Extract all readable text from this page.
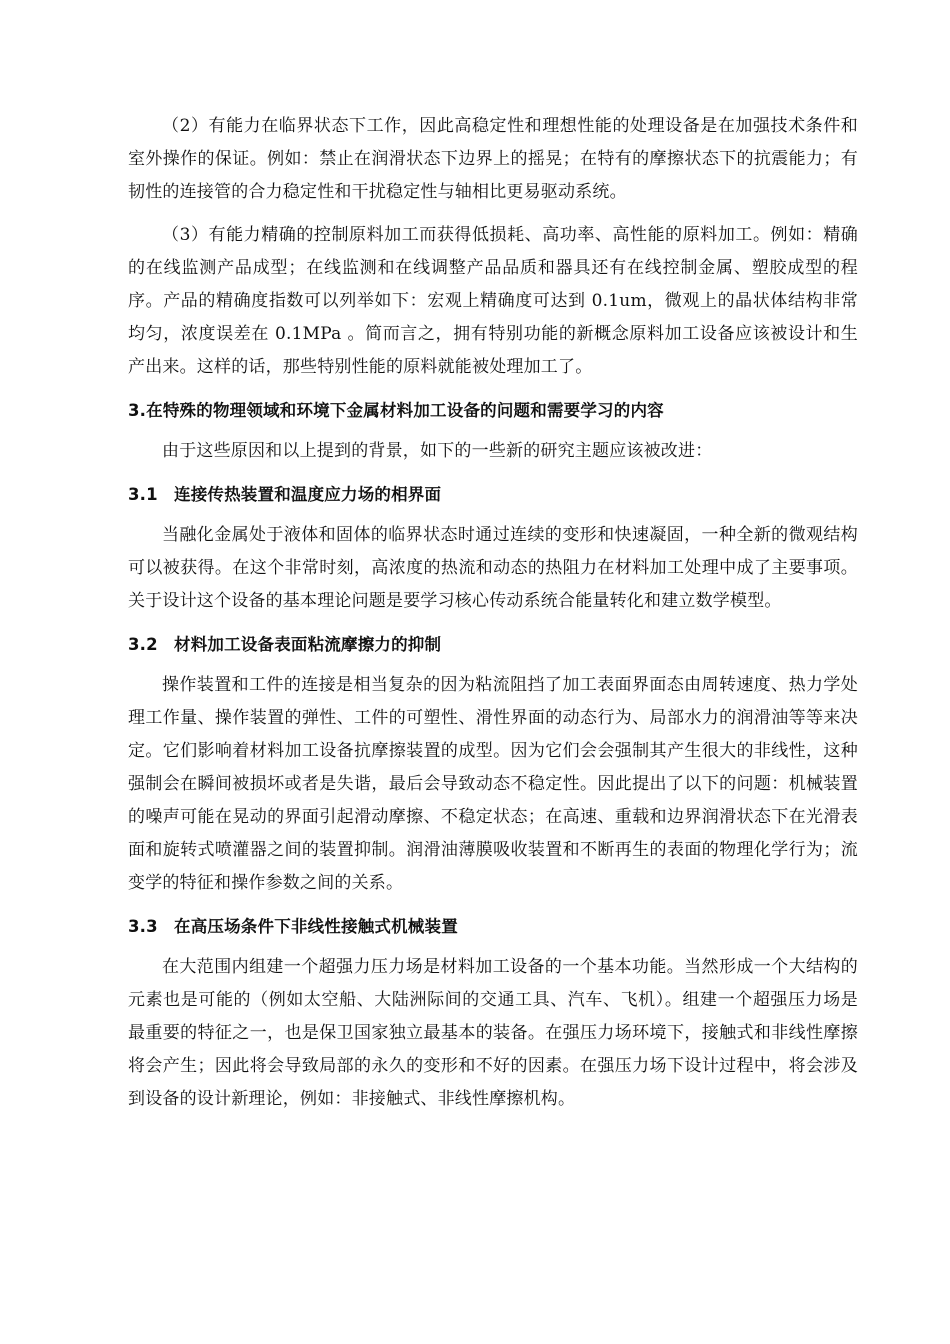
（2）有能力在临界状态下工作，因此高稳定性和理想性能的处理设备是在加强技术条件和室外操作的保证。例如：禁止在润滑状态下边界上的摇晃；在特有的摩擦状态下的抗震能力；有韧性的连接管的合力稳定性和干扰稳定性与轴相比更易驱动系统。

（3）有能力精确的控制原料加工而获得低损耗、高功率、高性能的原料加工。例如：精确的在线监测产品成型；在线监测和在线调整产品品质和器具还有在线控制金属、塑胶成型的程序。产品的精确度指数可以列举如下：宏观上精确度可达到 0.1um，微观上的晶状体结构非常均匀，浓度误差在 0.1MPa 。简而言之，拥有特别功能的新概念原料加工设备应该被设计和生产出来。这样的话，那些特别性能的原料就能被处理加工了。

3.在特殊的物理领域和环境下金属材料加工设备的问题和需要学习的内容

由于这些原因和以上提到的背景，如下的一些新的研究主题应该被改进：

3.1 连接传热装置和温度应力场的相界面

当融化金属处于液体和固体的临界状态时通过连续的变形和快速凝固，一种全新的微观结构可以被获得。在这个非常时刻，高浓度的热流和动态的热阻力在材料加工处理中成了主要事项。关于设计这个设备的基本理论问题是要学习核心传动系统合能量转化和建立数学模型。

3.2 材料加工设备表面粘流摩擦力的抑制

操作装置和工件的连接是相当复杂的因为粘流阻挡了加工表面界面态由周转速度、热力学处理工作量、操作装置的弹性、工件的可塑性、滑性界面的动态行为、局部水力的润滑油等等来决定。它们影响着材料加工设备抗摩擦装置的成型。因为它们会会强制其产生很大的非线性，这种强制会在瞬间被损坏或者是失谐，最后会导致动态不稳定性。因此提出了以下的问题：机械装置的噪声可能在晃动的界面引起滑动摩擦、不稳定状态；在高速、重载和边界润滑状态下在光滑表面和旋转式喷灌器之间的装置抑制。润滑油薄膜吸收装置和不断再生的表面的物理化学行为；流变学的特征和操作参数之间的关系。

3.3 在高压场条件下非线性接触式机械装置

在大范围内组建一个超强力压力场是材料加工设备的一个基本功能。当然形成一个大结构的元素也是可能的（例如太空船、大陆洲际间的交通工具、汽车、飞机）。组建一个超强压力场是最重要的特征之一，也是保卫国家独立最基本的装备。在强压力场环境下，接触式和非线性摩擦将会产生；因此将会导致局部的永久的变形和不好的因素。在强压力场下设计过程中，将会涉及到设备的设计新理论，例如：非接触式、非线性摩擦机构。
